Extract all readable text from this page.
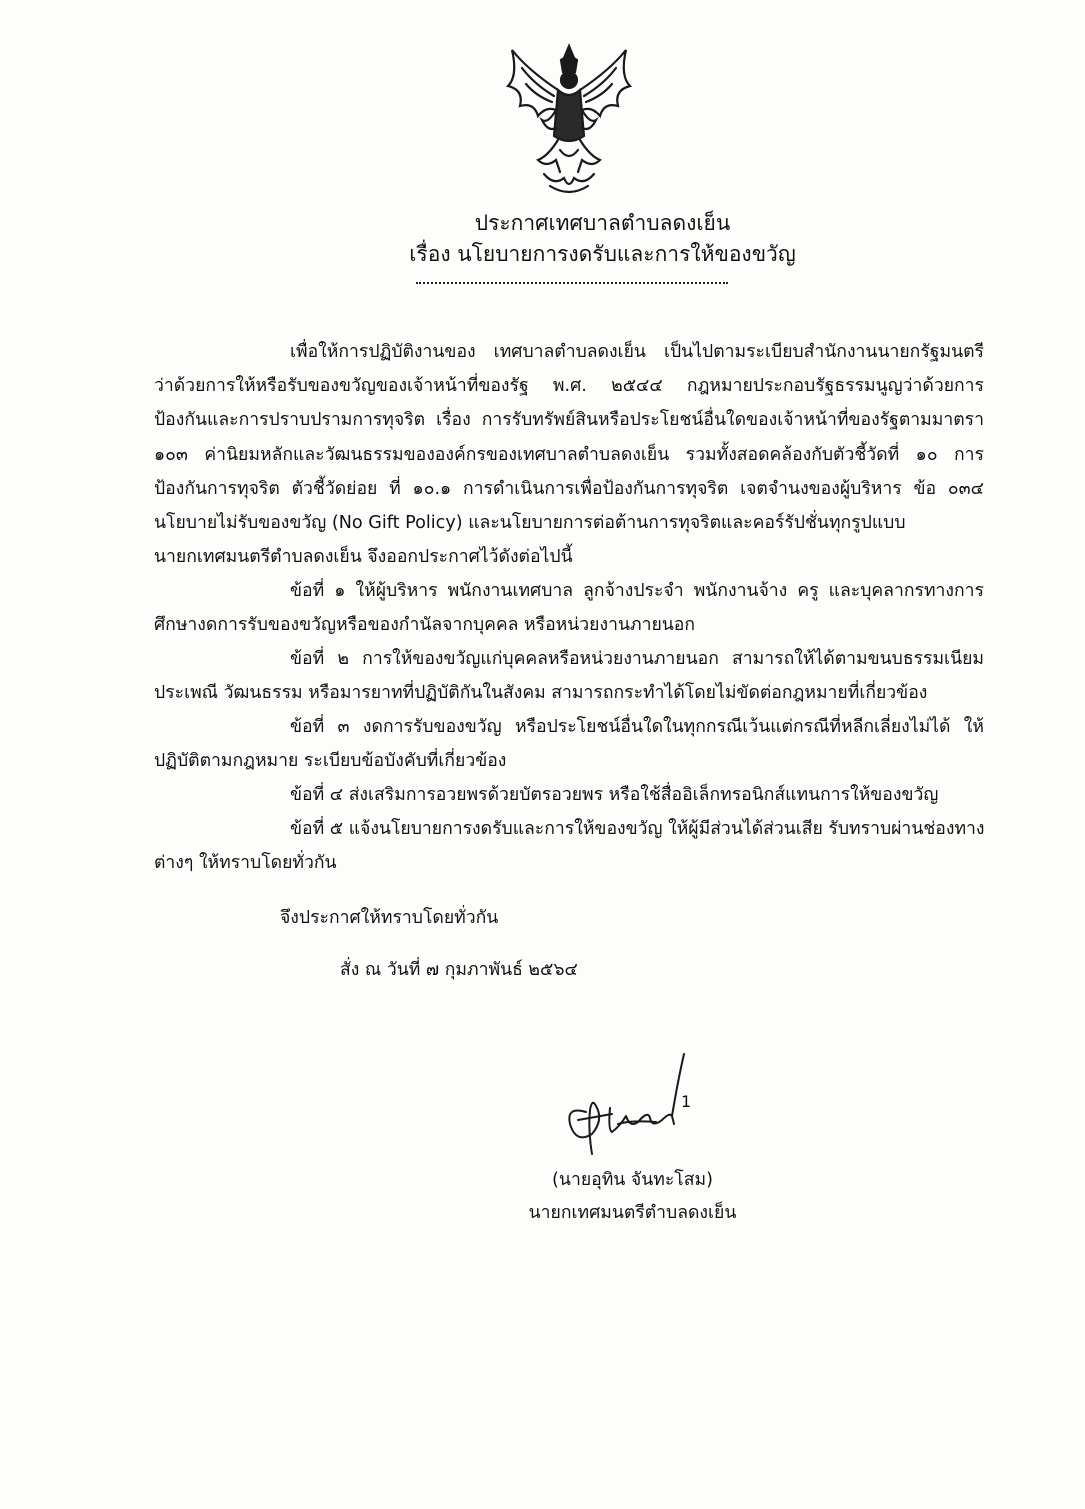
ประกาศเทศบาลตำบลดงเย็น
เรื่อง นโยบายการงดรับและการให้ของขวัญ
เพื่อให้การปฏิบัติงานของ เทศบาลตำบลดงเย็น เป็นไปตามระเบียบสำนักงานนายกรัฐมนตรี
ว่าด้วยการให้หรือรับของขวัญของเจ้าหน้าที่ของรัฐ พ.ศ. ๒๕๔๔ กฎหมายประกอบรัฐธรรมนูญว่าด้วยการ
ป้องกันและการปราบปรามการทุจริต เรื่อง การรับทรัพย์สินหรือประโยชน์อื่นใดของเจ้าหน้าที่ของรัฐตามมาตรา
๑๐๓ ค่านิยมหลักและวัฒนธรรมขององค์กรของเทศบาลตำบลดงเย็น รวมทั้งสอดคล้องกับตัวชี้วัดที่ ๑๐ การ
ป้องกันการทุจริต ตัวชี้วัดย่อย ที่ ๑๐.๑ การดำเนินการเพื่อป้องกันการทุจริต เจตจำนงของผู้บริหาร ข้อ ๐๓๔
นโยบายไม่รับของขวัญ (No Gift Policy) และนโยบายการต่อต้านการทุจริตและคอร์รัปชั่นทุกรูปแบบ
นายกเทศมนตรีตำบลดงเย็น จึงออกประกาศไว้ดังต่อไปนี้
ข้อที่ ๑ ให้ผู้บริหาร พนักงานเทศบาล ลูกจ้างประจำ พนักงานจ้าง ครู และบุคลากรทางการ
ศึกษางดการรับของขวัญหรือของกำนัลจากบุคคล หรือหน่วยงานภายนอก
ข้อที่ ๒ การให้ของขวัญแก่บุคคลหรือหน่วยงานภายนอก สามารถให้ได้ตามขนบธรรมเนียม
ประเพณี วัฒนธรรม หรือมารยาทที่ปฏิบัติกันในสังคม สามารถกระทำได้โดยไม่ขัดต่อกฎหมายที่เกี่ยวข้อง
ข้อที่ ๓ งดการรับของขวัญ หรือประโยชน์อื่นใดในทุกกรณีเว้นแต่กรณีที่หลีกเลี่ยงไม่ได้ ให้
ปฏิบัติตามกฎหมาย ระเบียบข้อบังคับที่เกี่ยวข้อง
ข้อที่ ๔ ส่งเสริมการอวยพรด้วยบัตรอวยพร หรือใช้สื่ออิเล็กทรอนิกส์แทนการให้ของขวัญ
ข้อที่ ๕ แจ้งนโยบายการงดรับและการให้ของขวัญ ให้ผู้มีส่วนได้ส่วนเสีย รับทราบผ่านช่องทาง
ต่างๆ ให้ทราบโดยทั่วกัน
จึงประกาศให้ทราบโดยทั่วกัน
สั่ง ณ วันที่ ๗ กุมภาพันธ์ ๒๕๖๔
1
(นายอุทิน จันทะโสม)
นายกเทศมนตรีตำบลดงเย็น
